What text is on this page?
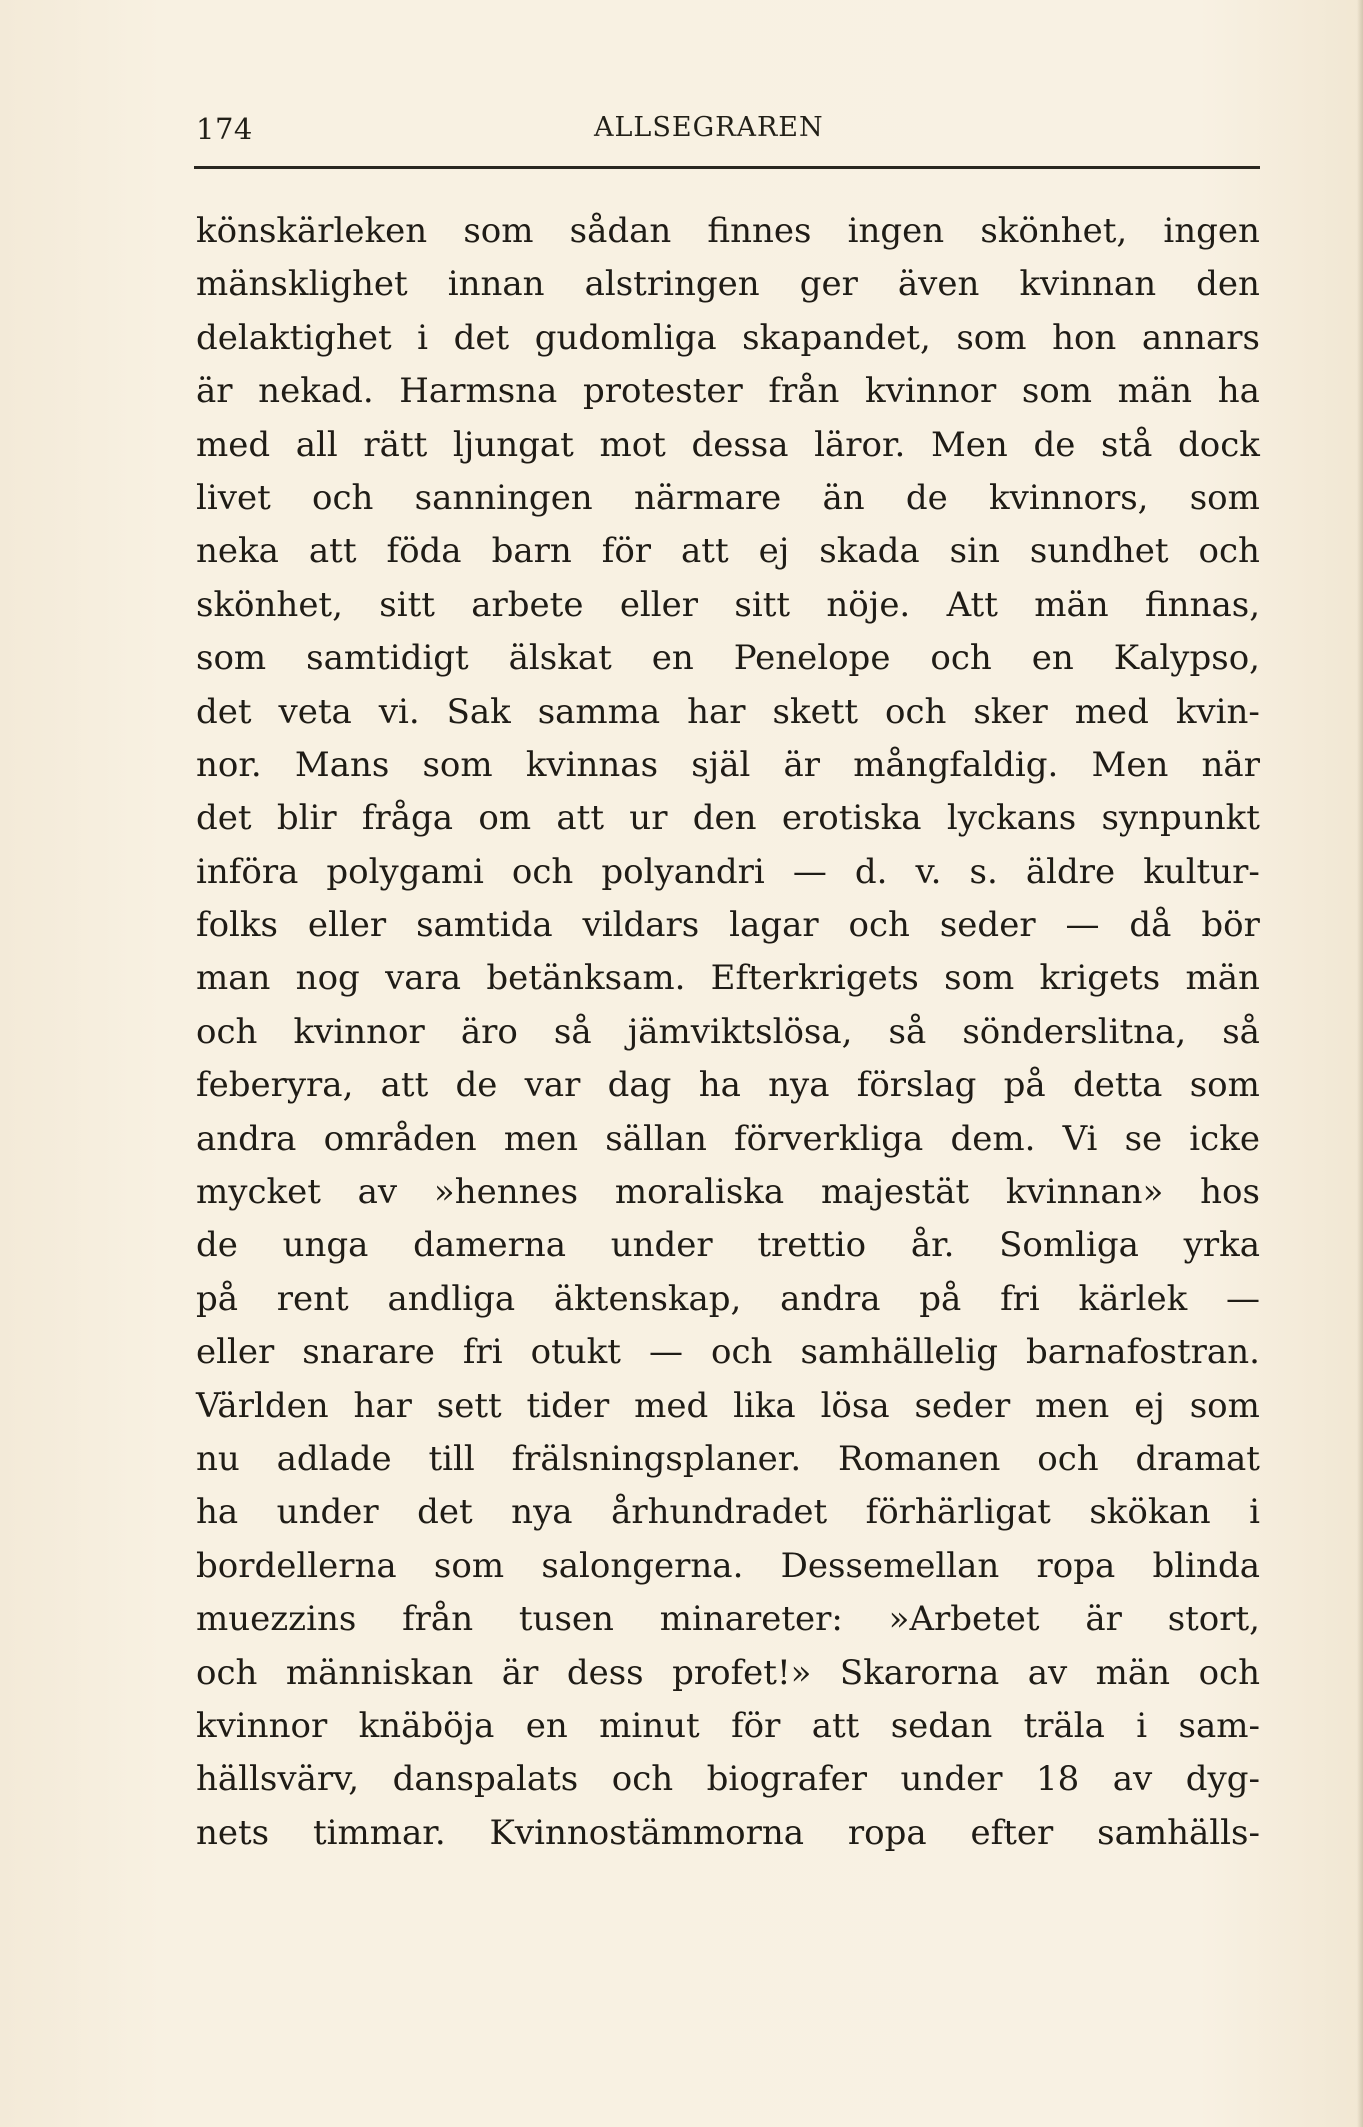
174	ALLSEGRAREN
könskärleken som sådan finnes ingen skönhet, ingen
mänsklighet innan alstringen ger även kvinnan den
delaktighet i det gudomliga skapandet, som hon annars
är nekad. Harmsna protester från kvinnor som män ha
med all rätt ljungat mot dessa läror. Men de stå dock
livet och sanningen närmare än de kvinnors, som
neka att föda barn för att ej skada sin sundhet och
skönhet, sitt arbete eller sitt nöje. Att män finnas,
som samtidigt älskat en Penelope och en Kalypso,
det veta vi. Sak samma har skett och sker med kvin-
nor. Mans som kvinnas själ är mångfaldig. Men när
det blir fråga om att ur den erotiska lyckans synpunkt
införa polygami och polyandri — d. v. s. äldre kultur-
folks eller samtida vildars lagar och seder — då bör
man nog vara betänksam. Efterkrigets som krigets män
och kvinnor äro så jämviktslösa, så sönderslitna, så
feberyra, att de var dag ha nya förslag på detta som
andra områden men sällan förverkliga dem. Vi se icke
mycket av »hennes moraliska majestät kvinnan» hos
de unga damerna under trettio år. Somliga yrka
på rent andliga äktenskap, andra på fri kärlek —
eller snarare fri otukt — och samhällelig barnafostran.
Världen har sett tider med lika lösa seder men ej som
nu adlade till frälsningsplaner. Romanen och dramat
ha under det nya århundradet förhärligat skökan i
bordellerna som salongerna. Dessemellan ropa blinda
muezzins från tusen minareter: »Arbetet är stort,
och människan är dess profet!» Skarorna av män och
kvinnor knäböja en minut för att sedan träla i sam-
hällsvärv, danspalats och biografer under 18 av dyg-
nets timmar. Kvinnostämmorna ropa efter samhälls-
